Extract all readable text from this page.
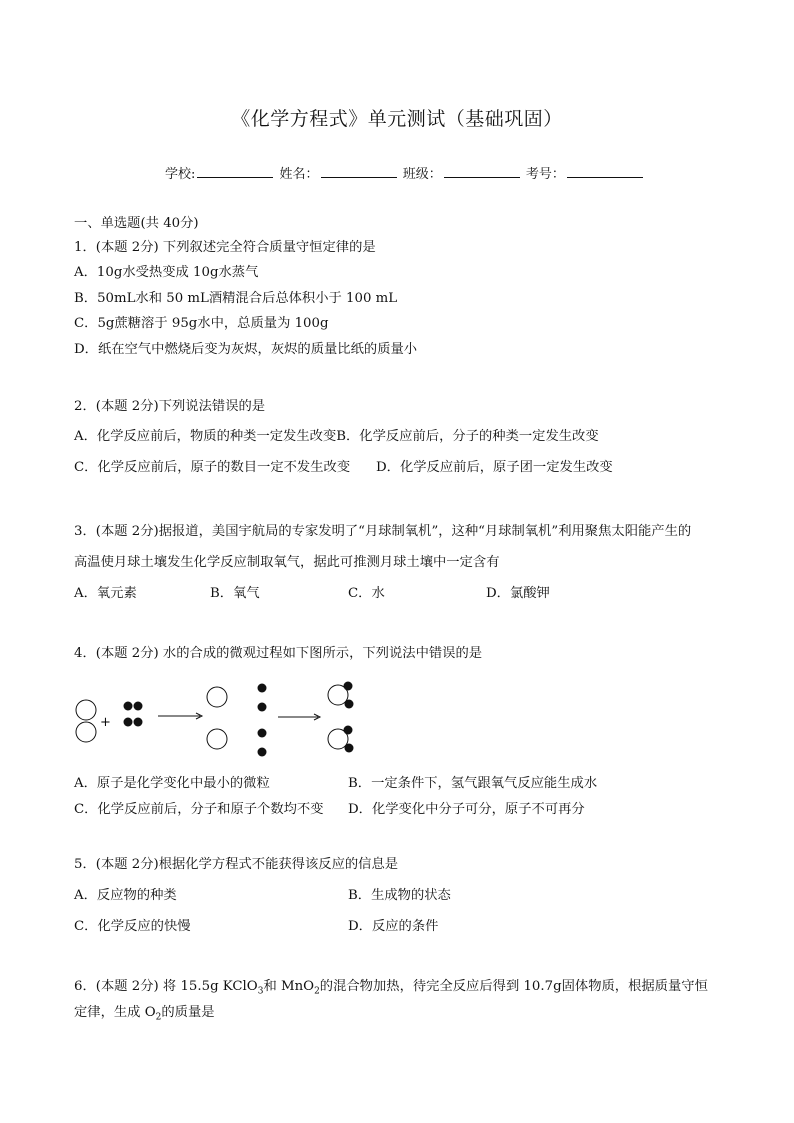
《化学方程式》单元测试（基础巩固）
学校:	姓名：	班级：	考号：
一、单选题(共 40分)
1．(本题 2分) 下列叙述完全符合质量守恒定律的是
A．10g水受热变成 10g水蒸气
B．50mL水和 50 mL酒精混合后总体积小于 100 mL
C．5g蔗糖溶于 95g水中，总质量为 100g
D．纸在空气中燃烧后变为灰烬，灰烬的质量比纸的质量小
2．(本题 2分)下列说法错误的是
A．化学反应前后，物质的种类一定发生改变B．化学反应前后，分子的种类一定发生改变
C．化学反应前后，原子的数目一定不发生改变 D．化学反应前后，原子团一定发生改变
3．(本题 2分)据报道，美国宇航局的专家发明了“月球制氧机”，这种“月球制氧机”利用聚焦太阳能产生的
高温使月球土壤发生化学反应制取氧气，据此可推测月球土壤中一定含有
A．氧元素	B．氧气	C．水	D．氯酸钾
4．(本题 2分) 水的合成的微观过程如下图所示，下列说法中错误的是
+
A．原子是化学变化中最小的微粒	B．一定条件下，氢气跟氧气反应能生成水
C．化学反应前后，分子和原子个数均不变 D．化学变化中分子可分，原子不可再分
5．(本题 2分)根据化学方程式不能获得该反应的信息是
A．反应物的种类	B．生成物的状态
C．化学反应的快慢	D．反应的条件
6．(本题 2分) 将 15.5g KClO$_3$和 MnO$_2$的混合物加热，待完全反应后得到 10.7g固体物质，根据质量守恒
定律，生成 $O_2$的质量是
